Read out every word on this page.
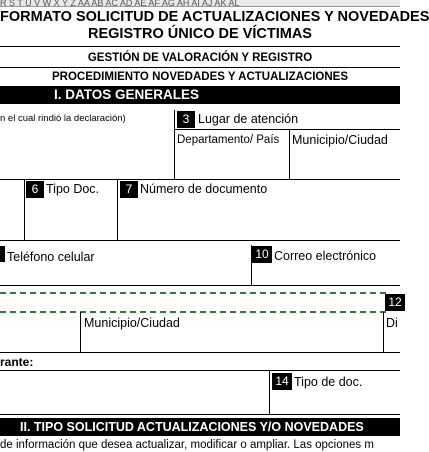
R S T U V W X Y Z AA AB AC AD AE AF AG AH AI AJ AK AL
FORMATO SOLICITUD DE ACTUALIZACIONES Y NOVEDADES
REGISTRO ÚNICO DE VÍCTIMAS
GESTIÓN DE VALORACIÓN Y REGISTRO
PROCEDIMIENTO NOVEDADES Y ACTUALIZACIONES
I. DATOS GENERALES
n el cual rindió la declaración)	3 Lugar de atención
Departamento/ País Municipio/Ciudad
6 Tipo Doc.	7 Número de documento
Teléfono celular	10 Correo electrónico
12
Municipio/Ciudad	Di
rante:
14 Tipo de doc.
II. TIPO SOLICITUD ACTUALIZACIONES Y/O NOVEDADES
de información que desea actualizar, modificar o ampliar. Las opciones m
